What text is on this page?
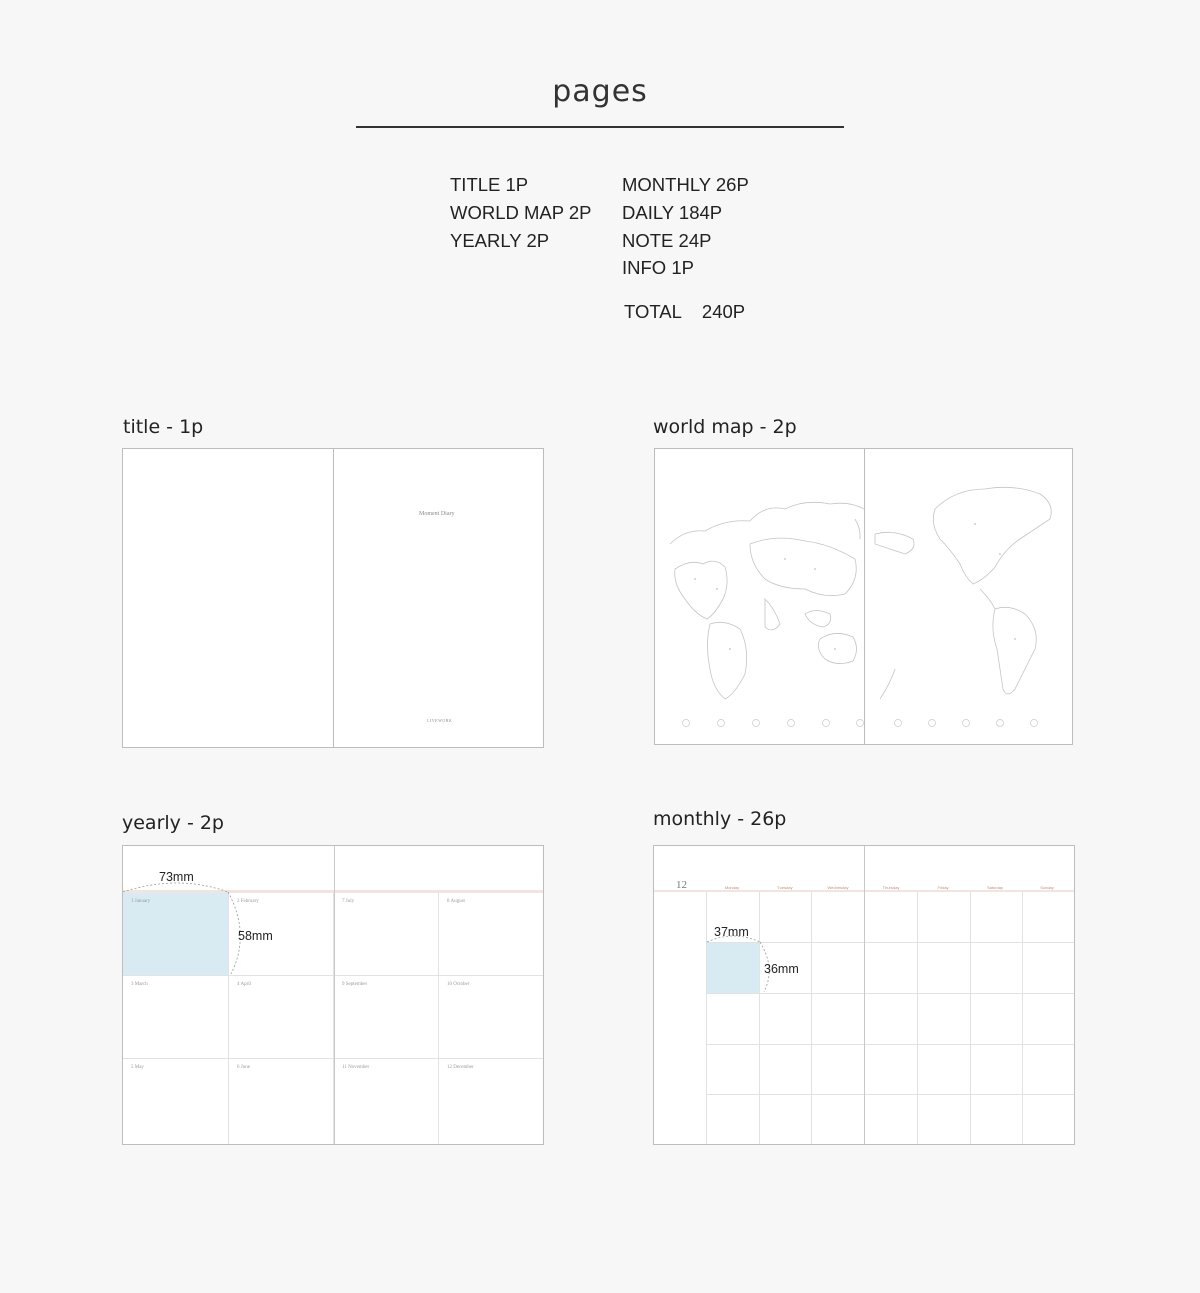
pages
TITLE 1P
WORLD MAP 2P
YEARLY 2P
MONTHLY 26P
DAILY 184P
NOTE 24P
INFO 1P
TOTAL 240P
title - 1p
Moment Diary
LIVEWORK
world map - 2p
yearly - 2p
1 January	2 February	7 July	8 August
3 March	4 April	9 September	10 October
5 May	6 June	11 November	12 December
73mm
58mm
monthly - 26p
12	Monday	Tuesday	Wednesday	Thursday	Friday	Saturday	Sunday
37mm
36mm
